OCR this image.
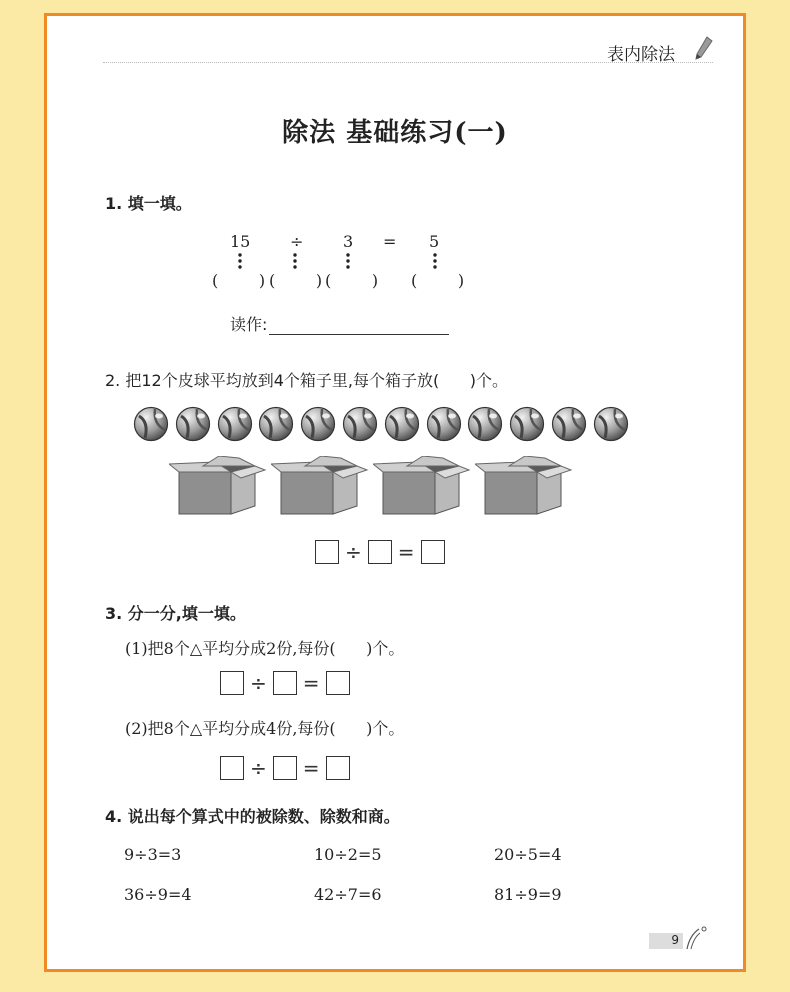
表内除法
除法 基础练习(一)
1. 填一填。
15 ÷ 3 = 5
(        ) (        ) (        ) (        )
读作:
2. 把12个皮球平均放到4个箱子里,每个箱子放(      )个。
÷ =
3. 分一分,填一填。
(1)把8个△平均分成2份,每份(      )个。
÷ =
(2)把8个△平均分成4份,每份(      )个。
÷ =
4. 说出每个算式中的被除数、除数和商。
9÷3=3	10÷2=5	20÷5=4
36÷9=4	42÷7=6	81÷9=9
9
